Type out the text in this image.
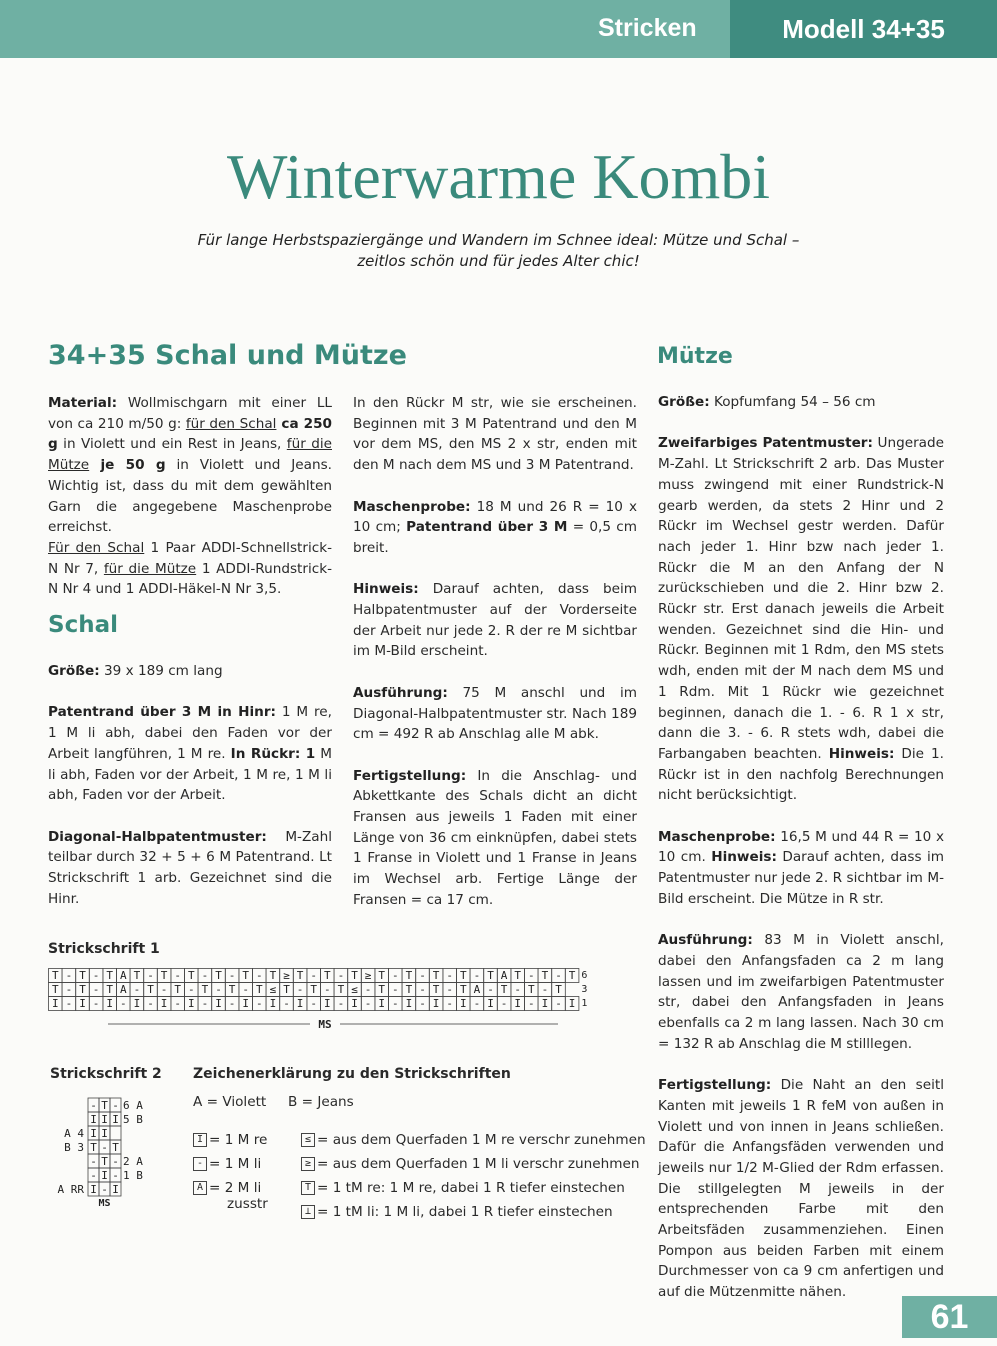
Stricken	Modell 34+35
Winterwarme Kombi
Für lange Herbstspaziergänge und Wandern im Schnee ideal: Mütze und Schal –
zeitlos schön und für jedes Alter chic!
34+35 Schal und Mütze	Mütze

Material: Wollmischgarn mit einer LL von ca 210 m/50 g: für den Schal ca 250 g in Violett und ein Rest in Jeans, für die Mütze je 50 g in Violett und Jeans. Wichtig ist, dass du mit dem gewählten Garn die angegebene Maschenprobe erreichst.

Für den Schal 1 Paar ADDI-Schnellstrick-N Nr 7, für die Mütze 1 ADDI-Rundstrick-N Nr 4 und 1 ADDI-Häkel-N Nr 3,5.

Schal

Größe: 39 x 189 cm lang

Patentrand über 3 M in Hinr: 1 M re, 1 M li abh, dabei den Faden vor der Arbeit langführen, 1 M re. In Rückr: 1 M li abh, Faden vor der Arbeit, 1 M re, 1 M li abh, Faden vor der Arbeit.

Diagonal-Halbpatentmuster: M-Zahl teilbar durch 32 + 5 + 6 M Patentrand. Lt Strickschrift 1 arb. Gezeichnet sind die Hinr.

In den Rückr M str, wie sie erscheinen. Beginnen mit 3 M Patentrand und den M vor dem MS, den MS 2 x str, enden mit den M nach dem MS und 3 M Patentrand.

Maschenprobe: 18 M und 26 R = 10 x 10 cm; Patentrand über 3 M = 0,5 cm breit.

Hinweis: Darauf achten, dass beim Halbpatentmuster auf der Vorderseite der Arbeit nur jede 2. R der re M sichtbar im M-Bild erscheint.

Ausführung: 75 M anschl und im Diagonal-Halbpatentmuster str. Nach 189 cm = 492 R ab Anschlag alle M abk.

Fertigstellung: In die Anschlag- und Abkettkante des Schals dicht an dicht Fransen aus jeweils 1 Faden mit einer Länge von 36 cm einknüpfen, dabei stets 1 Franse in Violett und 1 Franse in Jeans im Wechsel arb. Fertige Länge der Fransen = ca 17 cm.

Größe: Kopfumfang 54 – 56 cm

Zweifarbiges Patentmuster: Ungerade M-Zahl. Lt Strickschrift 2 arb. Das Muster muss zwingend mit einer Rundstrick-N gearb werden, da stets 2 Hinr und 2 Rückr im Wechsel gestr werden. Dafür nach jeder 1. Hinr bzw nach jeder 1. Rückr die M an den Anfang der N zurückschieben und die 2. Hinr bzw 2. Rückr str. Erst danach jeweils die Arbeit wenden. Gezeichnet sind die Hin- und Rückr. Beginnen mit 1 Rdm, den MS stets wdh, enden mit der M nach dem MS und 1 Rdm. Mit 1 Rückr wie gezeichnet beginnen, danach die 1. - 6. R 1 x str, dann die 3. - 6. R stets wdh, dabei die Farbangaben beachten. Hinweis: Die 1. Rückr ist in den nachfolg Berechnungen nicht berücksichtigt.

Maschenprobe: 16,5 M und 44 R = 10 x 10 cm. Hinweis: Darauf achten, dass im Patentmuster nur jede 2. R sichtbar im M-Bild erscheint. Die Mütze in R str.

Ausführung: 83 M in Violett anschl, dabei den Anfangsfaden ca 2 m lang lassen und im zweifarbigen Patentmuster str, dabei den Anfangsfaden in Jeans ebenfalls ca 2 m lang lassen. Nach 30 cm = 132 R ab Anschlag die M stilllegen.

Fertigstellung: Die Naht an den seitl Kanten mit jeweils 1 R feM von außen in Violett und von innen in Jeans schließen. Dafür die Anfangsfäden verwenden und jeweils nur 1/2 M-Glied der Rdm erfassen. Die stillgelegten M jeweils in der entsprechenden Farbe mit den Arbeitsfäden zusammenziehen. Einen Pompon aus beiden Farben mit einem Durchmesser von ca 9 cm anfertigen und auf die Mützenmitte nähen.

Strickschrift 1
T - T - T A T - T - T - T - T - T ≥ T - T - T ≥ T - T - T - T - T A T - T - T 6
T - T - T A - T - T - T - T - T ≤ T - T - T ≤ - T - T - T - T A - T - T - T 3
I - I - I - I - I - I - I - I - I - I - I - I - I - I - I - I - I - I - I - I 1
MS
Strickschrift 2
- T - 6 A
I I I 5 B
I I
A 4
T - T
B 3
- T - 2 A
- I - 1 B
I - I
A RR
MS
Zeichenerklärung zu den Strickschriften
A = Violett B = Jeans
I = 1 M re
- = 1 M li
A = 2 M li
zusstr
≤ = aus dem Querfaden 1 M re verschr zunehmen
≥ = aus dem Querfaden 1 M li verschr zunehmen
T = 1 tM re: 1 M re, dabei 1 R tiefer einstechen
⊥ = 1 tM li: 1 M li, dabei 1 R tiefer einstechen
61
